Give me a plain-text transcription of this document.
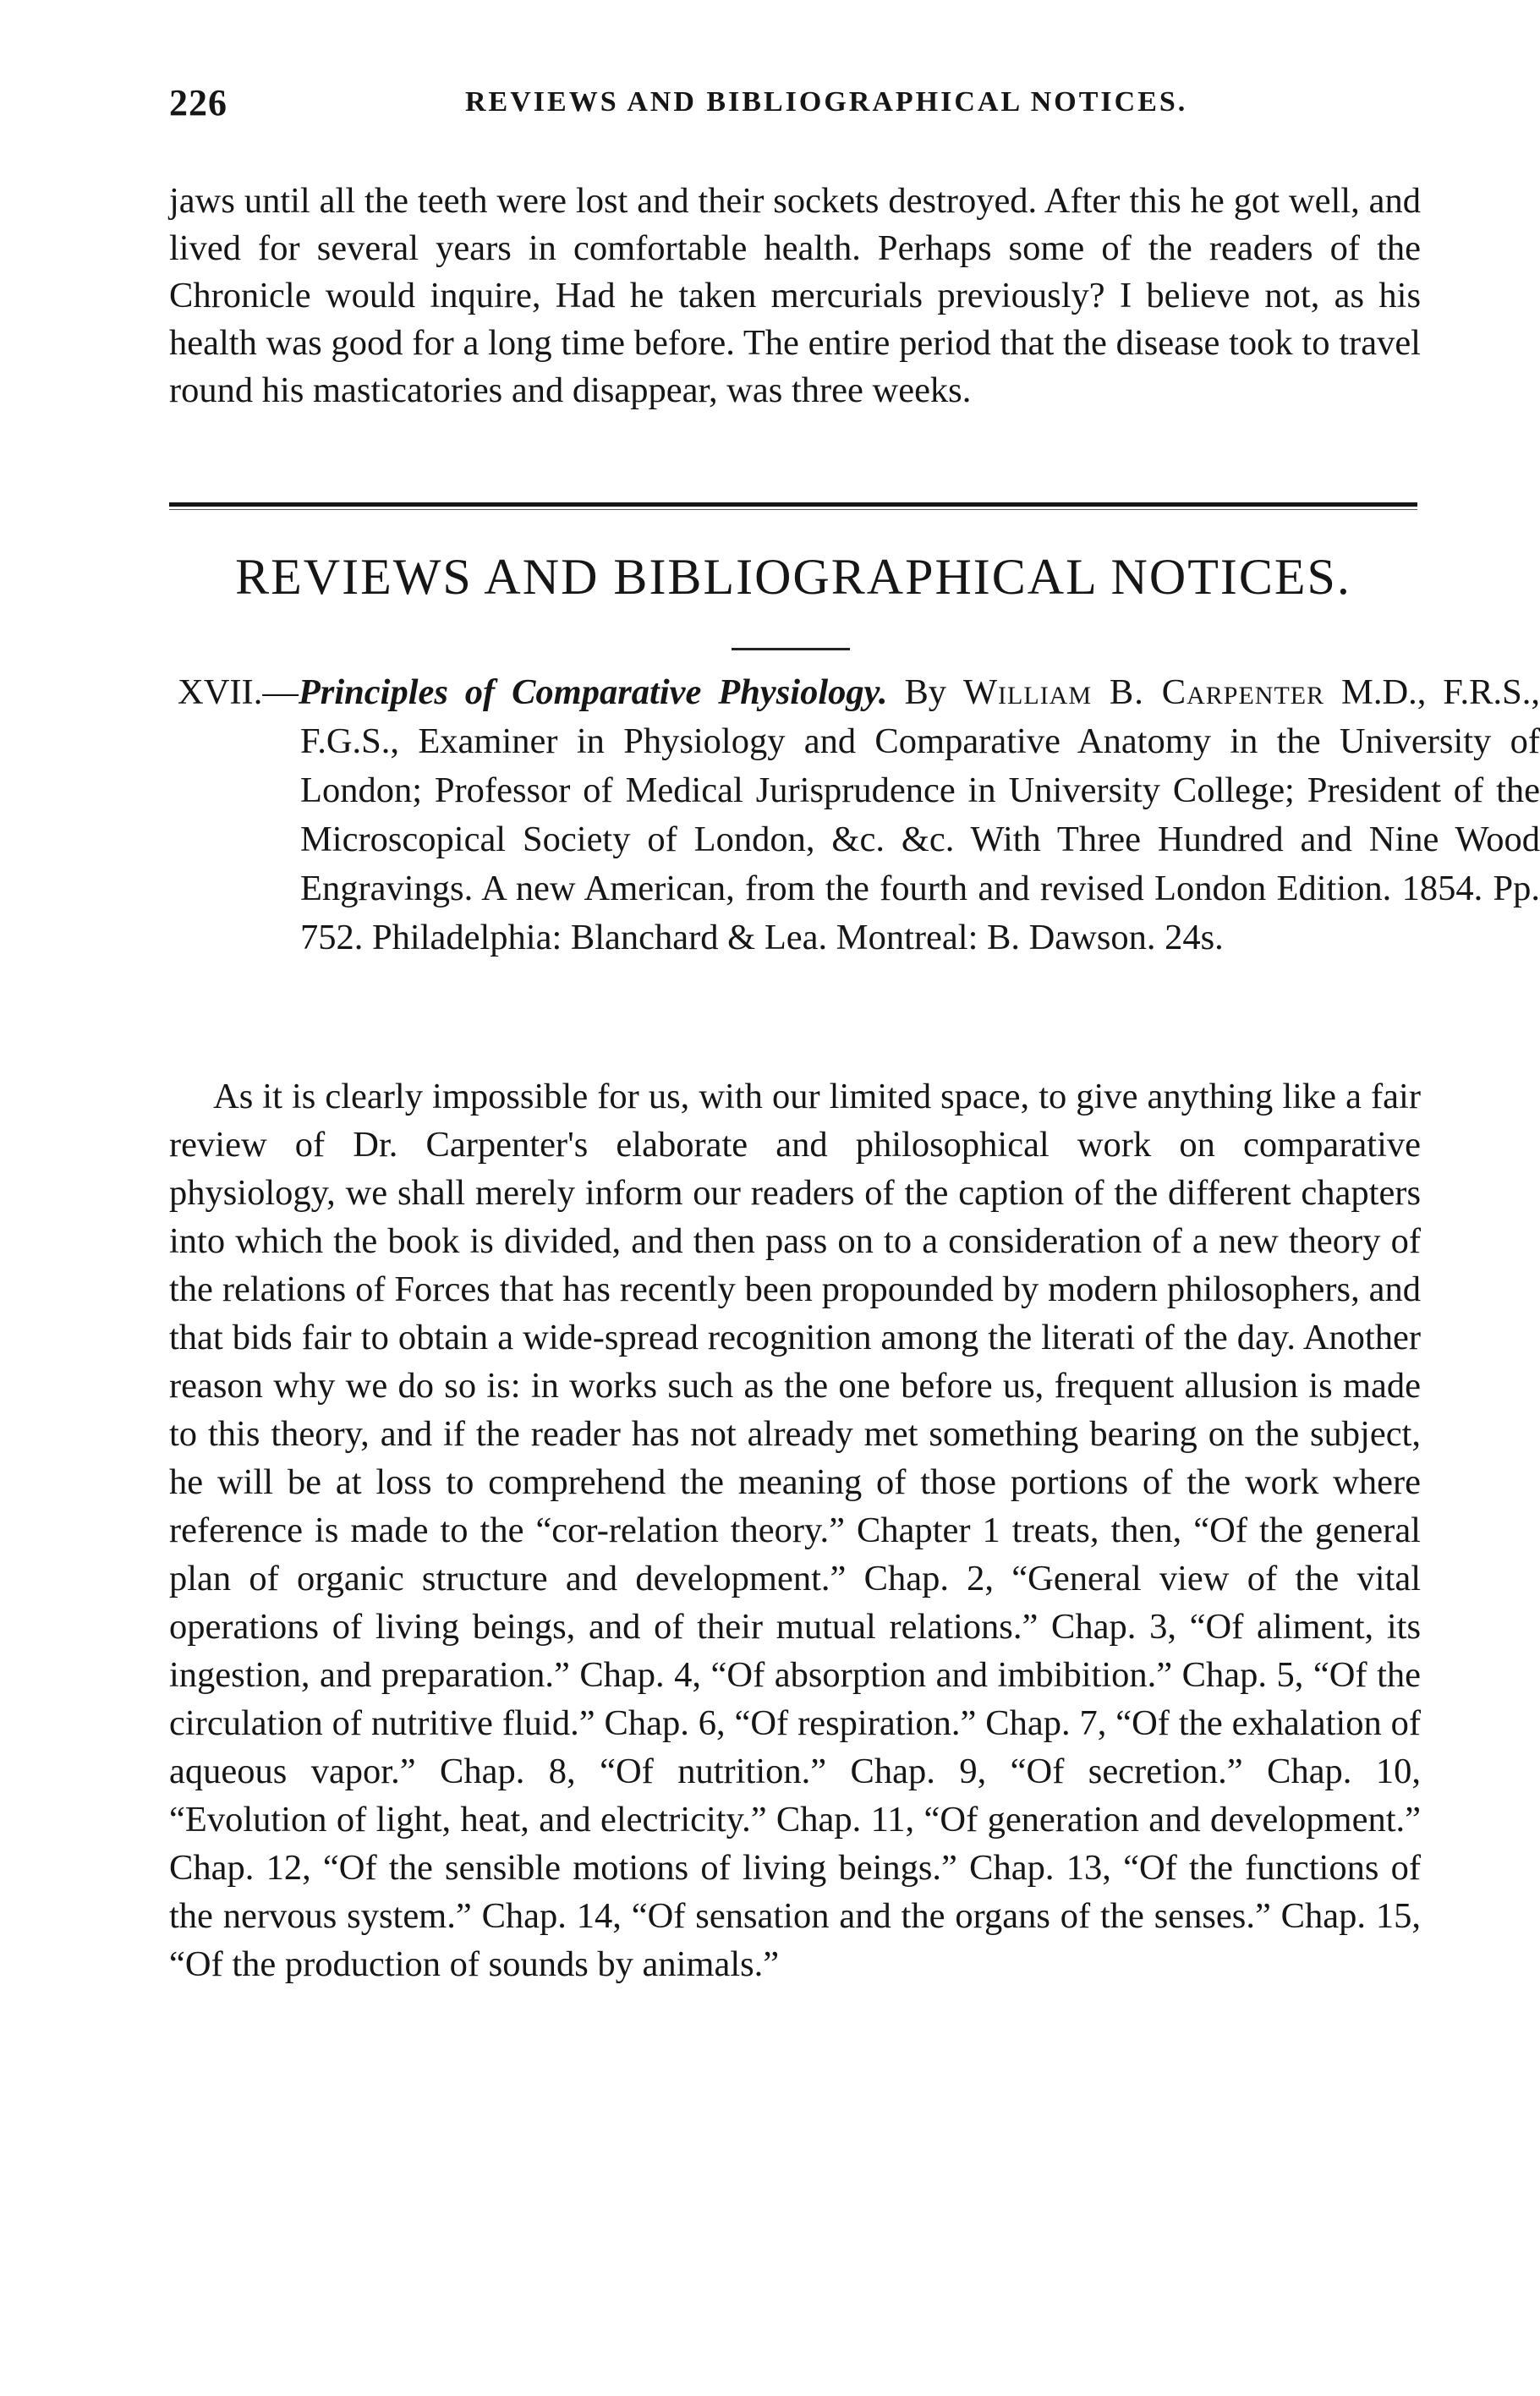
226	REVIEWS AND BIBLIOGRAPHICAL NOTICES.

jaws until all the teeth were lost and their sockets destroyed. After this he got well, and lived for several years in comfortable health. Perhaps some of the readers of the Chronicle would inquire, Had he taken mercurials previously? I believe not, as his health was good for a long time before. The entire period that the disease took to travel round his masticatories and disappear, was three weeks.

REVIEWS AND BIBLIOGRAPHICAL NOTICES.

XVII.—Principles of Comparative Physiology. By William B. Carpenter M.D., F.R.S., F.G.S., Examiner in Physiology and Comparative Anatomy in the University of London; Professor of Medical Jurisprudence in University College; President of the Microscopical Society of London, &c. &c. With Three Hundred and Nine Wood Engravings. A new American, from the fourth and revised London Edition. 1854. Pp. 752. Philadelphia: Blanchard & Lea. Montreal: B. Dawson. 24s.

As it is clearly impossible for us, with our limited space, to give anything like a fair review of Dr. Carpenter's elaborate and philosophical work on comparative physiology, we shall merely inform our readers of the caption of the different chapters into which the book is divided, and then pass on to a consideration of a new theory of the relations of Forces that has recently been propounded by modern philosophers, and that bids fair to obtain a wide-spread recognition among the literati of the day. Another reason why we do so is: in works such as the one before us, frequent allusion is made to this theory, and if the reader has not already met something bearing on the subject, he will be at loss to comprehend the meaning of those portions of the work where reference is made to the “cor-relation theory.” Chapter 1 treats, then, “Of the general plan of organic structure and development.” Chap. 2, “General view of the vital operations of living beings, and of their mutual relations.” Chap. 3, “Of aliment, its ingestion, and preparation.” Chap. 4, “Of absorption and imbibition.” Chap. 5, “Of the circulation of nutritive fluid.” Chap. 6, “Of respiration.” Chap. 7, “Of the exhalation of aqueous vapor.” Chap. 8, “Of nutrition.” Chap. 9, “Of secretion.” Chap. 10, “Evolution of light, heat, and electricity.” Chap. 11, “Of generation and development.” Chap. 12, “Of the sensible motions of living beings.” Chap. 13, “Of the functions of the nervous system.” Chap. 14, “Of sensation and the organs of the senses.” Chap. 15, “Of the production of sounds by animals.”
